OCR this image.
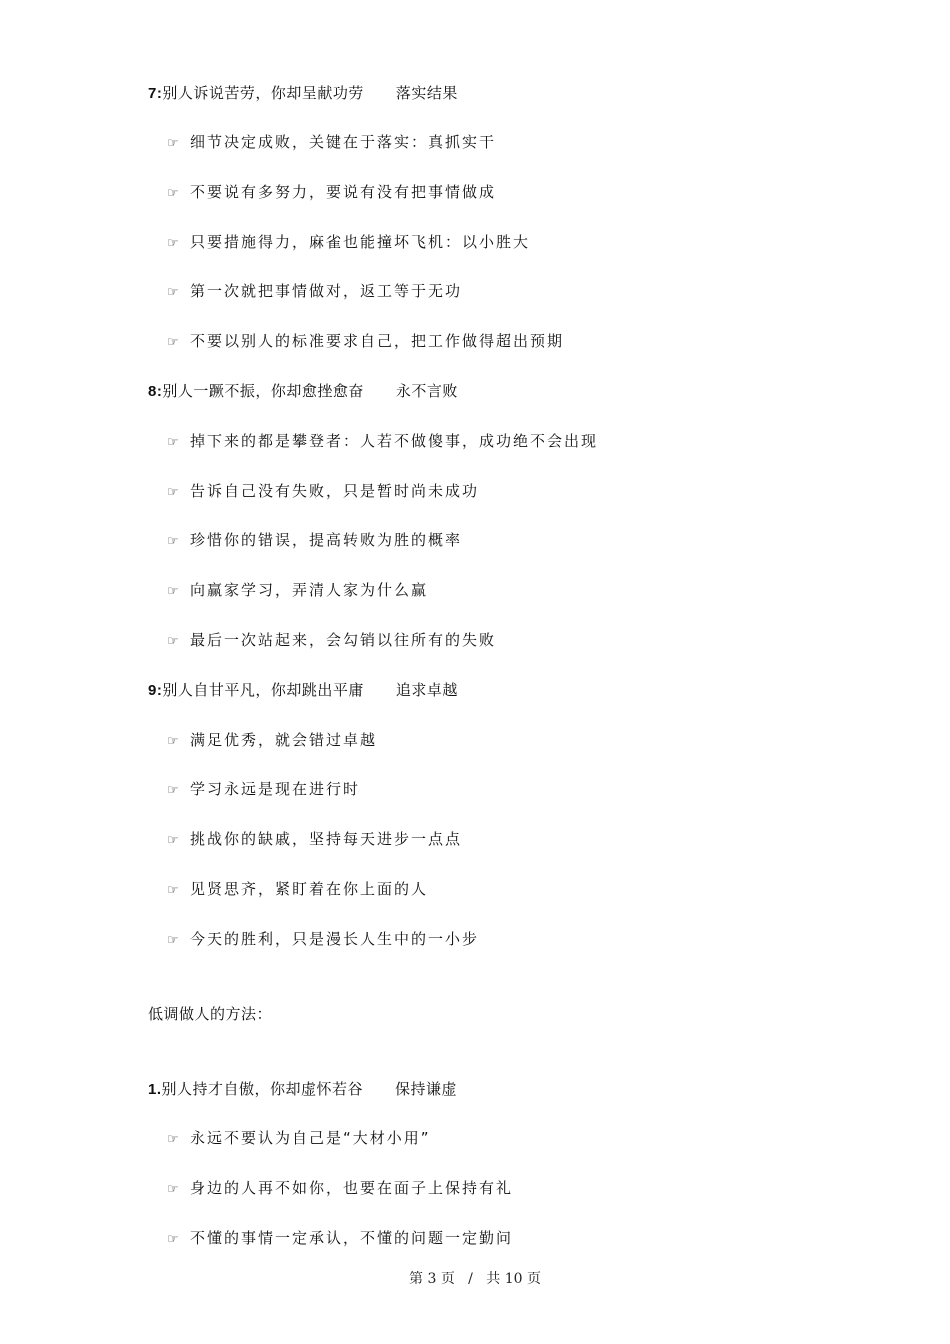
7:别人诉说苦劳，你却呈献功劳 落实结果
☞ 细节决定成败，关键在于落实：真抓实干
☞ 不要说有多努力，要说有没有把事情做成
☞ 只要措施得力，麻雀也能撞坏飞机：以小胜大
☞ 第一次就把事情做对，返工等于无功
☞ 不要以别人的标准要求自己，把工作做得超出预期
8:别人一蹶不振，你却愈挫愈奋 永不言败
☞ 掉下来的都是攀登者：人若不做傻事，成功绝不会出现
☞ 告诉自己没有失败，只是暂时尚未成功
☞ 珍惜你的错误，提高转败为胜的概率
☞ 向赢家学习，弄清人家为什么赢
☞ 最后一次站起来，会勾销以往所有的失败
9:别人自甘平凡，你却跳出平庸 追求卓越
☞ 满足优秀，就会错过卓越
☞ 学习永远是现在进行时
☞ 挑战你的缺戚，坚持每天进步一点点
☞ 见贤思齐，紧盯着在你上面的人
☞ 今天的胜利，只是漫长人生中的一小步
低调做人的方法：
1.别人持才自傲，你却虚怀若谷 保持谦虚
☞ 永远不要认为自己是“大材小用”
☞ 身边的人再不如你，也要在面子上保持有礼
☞ 不懂的事情一定承认，不懂的问题一定勤问
第 3 页   /   共 10 页
